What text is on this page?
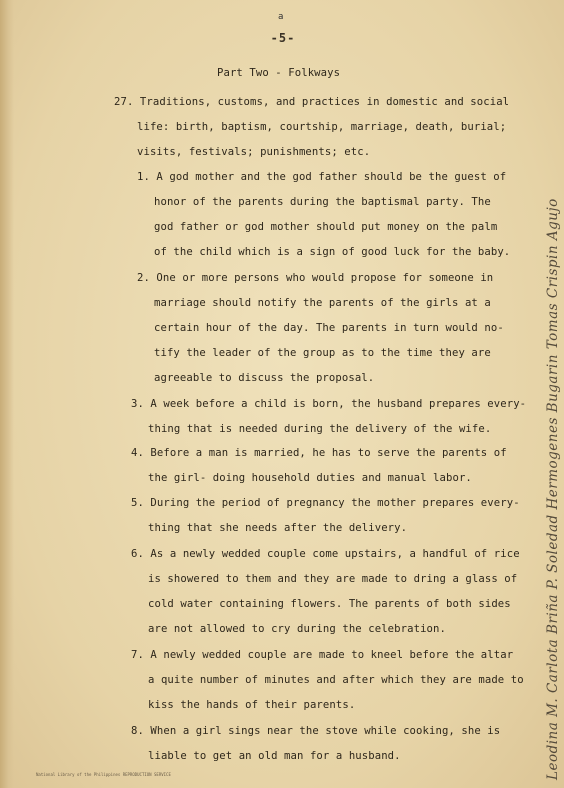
a
-5-
Part Two - Folkways
27. Traditions, customs, and practices in domestic and social
life: birth, baptism, courtship, marriage, death, burial;
visits, festivals; punishments; etc.
1. A god mother and the god father should be the guest of
honor of the parents during the baptismal party. The
god father or god mother should put money on the palm
of the child which is a sign of good luck for the baby.
2. One or more persons who would propose for someone in
marriage should notify the parents of the girls at a
certain hour of the day. The parents in turn would no-
tify the leader of the group as to the time they are
agreeable to discuss the proposal.
3. A week before a child is born, the husband prepares every-
thing that is needed during the delivery of the wife.
4. Before a man is married, he has to serve the parents of
the girl- doing household duties and manual labor.
5. During the period of pregnancy the mother prepares every-
thing that she needs after the delivery.
6. As a newly wedded couple come upstairs, a handful of rice
is showered to them and they are made to dring a glass of
cold water containing flowers. The parents of both sides
are not allowed to cry during the celebration.
7. A newly wedded couple are made to kneel before the altar
a quite number of minutes and after which they are made to
kiss the hands of their parents.
8. When a girl sings near the stove while cooking, she is
liable to get an old man for a husband.	Leodina M. Carlota Briña P. Soledad Hermogenes Bugarin Tomas Crispin Agujo
National Library of the Philippines REPRODUCTION SERVICE
